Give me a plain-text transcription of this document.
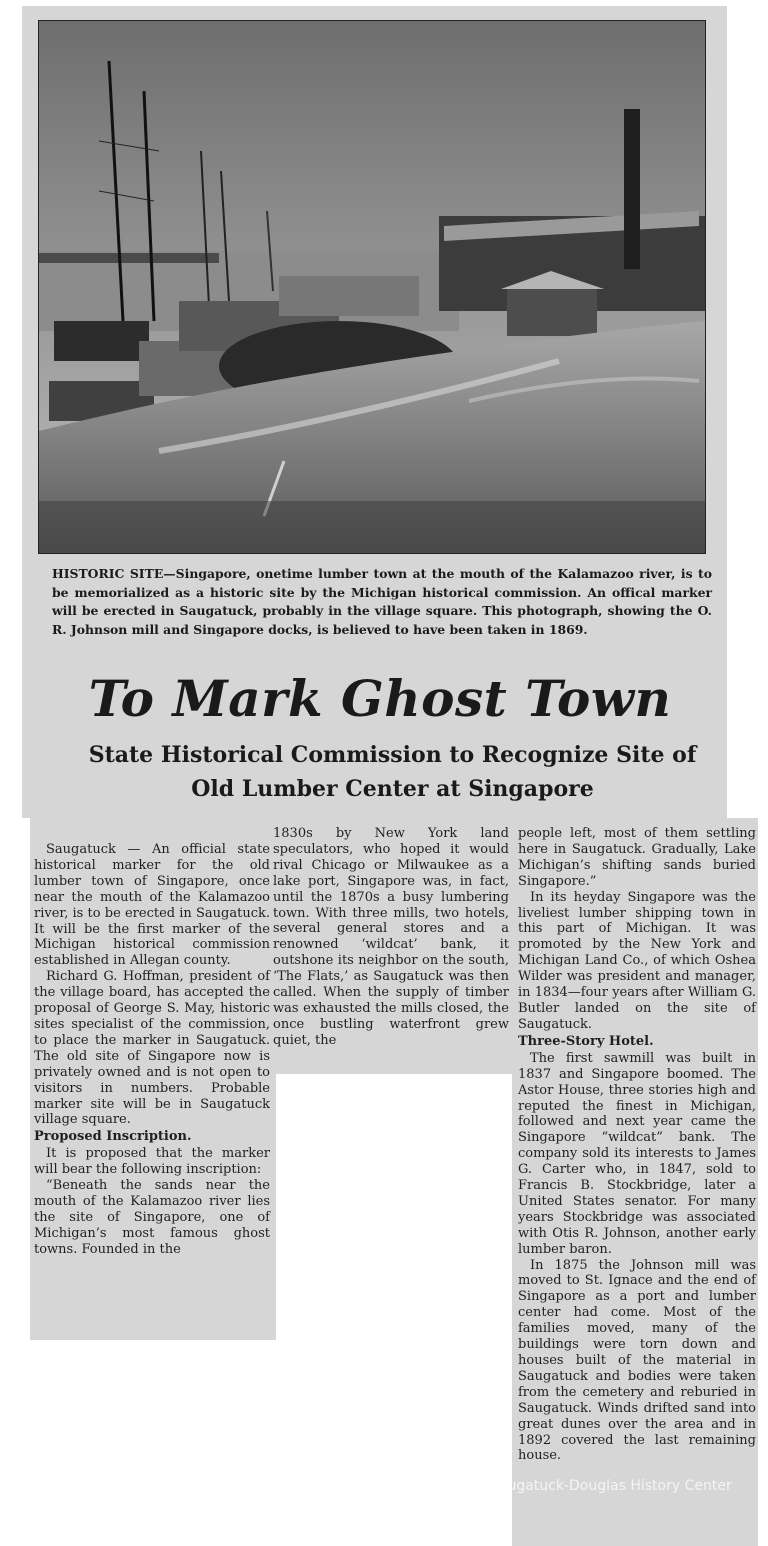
HISTORIC SITE—Singapore, onetime lumber town at the mouth of the Kalamazoo river, is to be memorialized as a historic site by the Michigan historical commission. An offical marker will be erected in Saugatuck, probably in the village square. This photograph, showing the O. R. Johnson mill and Singapore docks, is believed to have been taken in 1869.

To Mark Ghost Town
State Historical Commission to Recognize Site of
Old Lumber Center at Singapore

Saugatuck — An official state historical marker for the old lumber town of Singapore, once near the mouth of the Kalamazoo river, is to be erected in Saugatuck. It will be the first marker of the Michigan historical commission established in Allegan county.

Richard G. Hoffman, president of the village board, has accepted the proposal of George S. May, historic sites specialist of the commission, to place the marker in Saugatuck. The old site of Singapore now is privately owned and is not open to visitors in numbers. Probable marker site will be in Saugatuck village square.

Proposed Inscription.

It is proposed that the marker will bear the following inscription:

“Beneath the sands near the mouth of the Kalamazoo river lies the site of Singapore, one of Michigan’s most famous ghost towns. Founded in the

1830s by New York land speculators, who hoped it would rival Chicago or Milwaukee as a lake port, Singapore was, in fact, until the 1870s a busy lumbering town. With three mills, two hotels, several general stores and a renowned ‘wildcat’ bank, it outshone its neighbor on the south, ‘The Flats,’ as Saugatuck was then called. When the supply of timber was exhausted the mills closed, the once bustling waterfront grew quiet, the

people left, most of them settling here in Saugatuck. Gradually, Lake Michigan’s shifting sands buried Singapore.”

In its heyday Singapore was the liveliest lumber shipping town in this part of Michigan. It was promoted by the New York and Michigan Land Co., of which Oshea Wilder was president and manager, in 1834—four years after William G. Butler landed on the site of Saugatuck.

Three-Story Hotel.

The first sawmill was built in 1837 and Singapore boomed. The Astor House, three stories high and reputed the finest in Michigan, followed and next year came the Singapore “wildcat” bank. The company sold its interests to James G. Carter who, in 1847, sold to Francis B. Stockbridge, later a United States senator. For many years Stockbridge was associated with Otis R. Johnson, another early lumber baron.

In 1875 the Johnson mill was moved to St. Ignace and the end of Singapore as a port and lumber center had come. Most of the families moved, many of the buildings were torn down and houses built of the material in Saugatuck and bodies were taken from the cemetery and reburied in Saugatuck. Winds drifted sand into great dunes over the area and in 1892 covered the last remaining house.

Saugatuck-Douglas History Center
